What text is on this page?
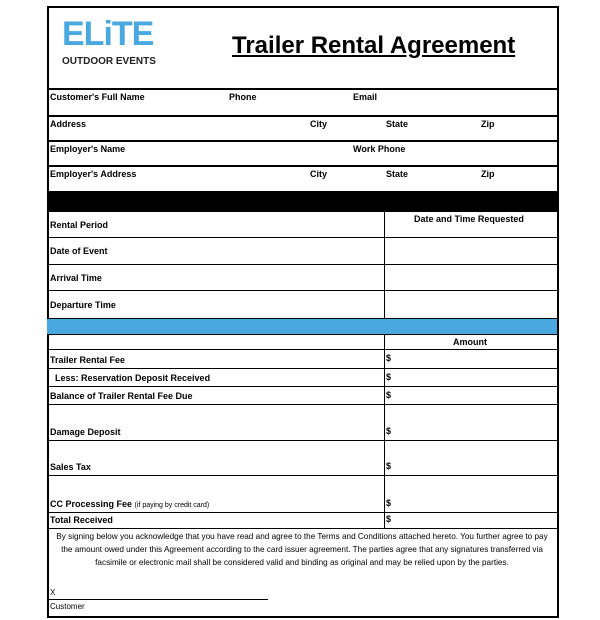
ELiTE
OUTDOOR EVENTS
Trailer Rental Agreement
Customer's Full Name	Phone	Email
Address	City	State	Zip
Employer's Name	Work Phone
Employer's Address	City	State	Zip
Date and Time Requested
Rental Period
Date of Event
Arrival Time
Departure Time
Amount
Trailer Rental Fee	$
Less: Reservation Deposit Received	$
Balance of Trailer Rental Fee Due	$
Damage Deposit	$
Sales Tax	$
CC Processing Fee (if paying by credit card)	$
Total Received	$
By signing below you acknowledge that you have read and agree to the Terms and Conditions attached hereto. You further agree to pay the amount owed under this Agreement according to the card issuer agreement. The parties agree that any signatures transferred via facsimile or electronic mail shall be considered valid and binding as original and may be relied upon by the parties.
X
Customer
